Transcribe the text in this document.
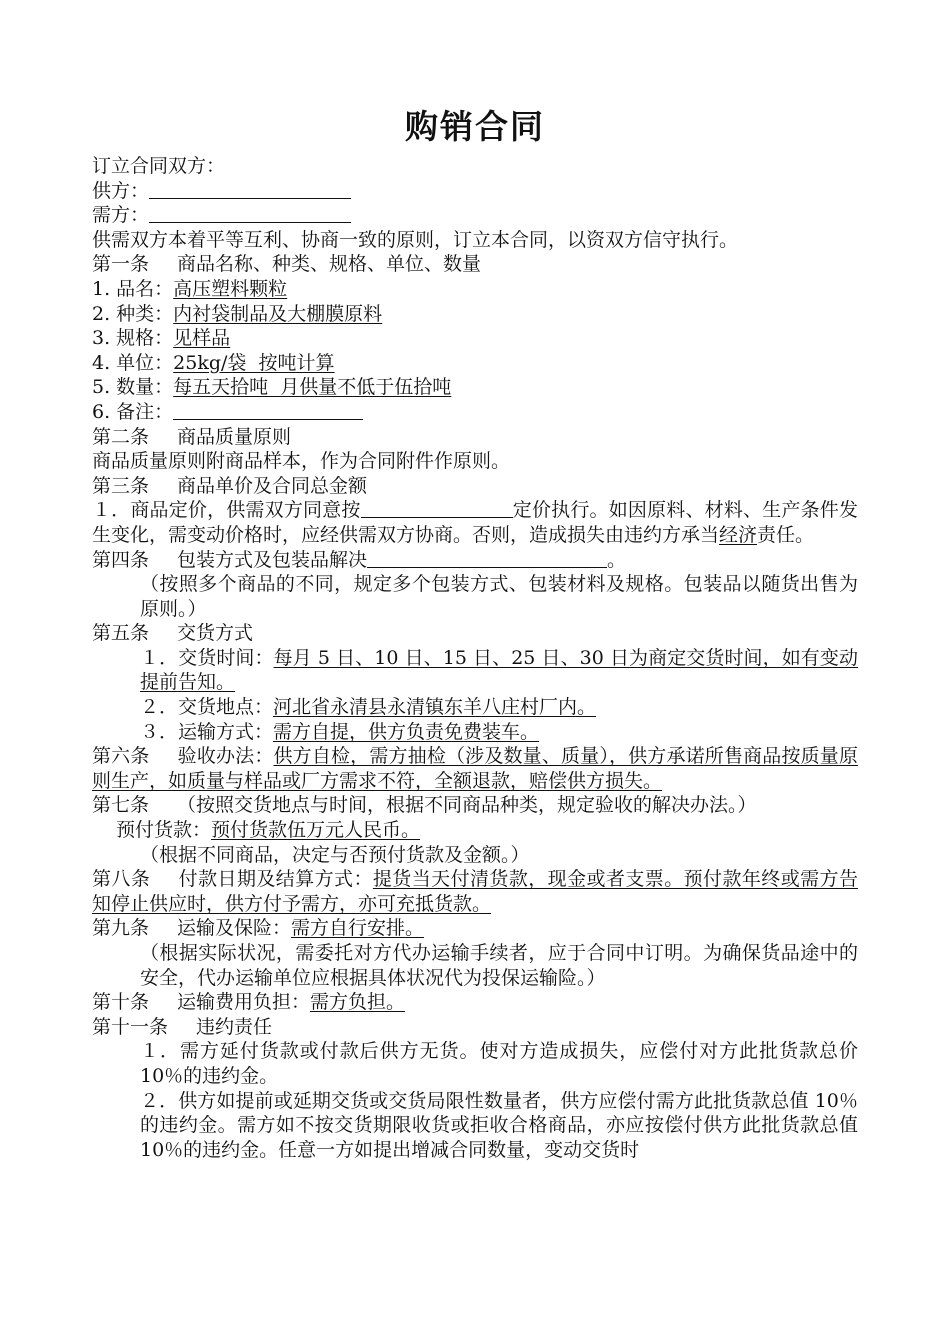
购销合同
订立合同双方：
供方：
需方：
供需双方本着平等互利、协商一致的原则，订立本合同，以资双方信守执行。
第一条 商品名称、种类、规格、单位、数量
1. 品名：高压塑料颗粒
2. 种类：内衬袋制品及大棚膜原料
3. 规格：见样品
4. 单位：25kg/袋  按吨计算
5. 数量：每五天拾吨  月供量不低于伍拾吨
6. 备注：
第二条 商品质量原则
商品质量原则附商品样本，作为合同附件作原则。
第三条 商品单价及合同总金额
１．商品定价，供需双方同意按	定价执行。如因原料、材料、生产条件发生变化，需变动价格时，应经供需双方协商。否则，造成损失由违约方承当经济责任。
第四条 包装方式及包装品解决	。
（按照多个商品的不同，规定多个包装方式、包装材料及规格。包装品以随货出售为原则。）
第五条 交货方式
１．交货时间：每月 5 日、10 日、15 日、25 日、30 日为商定交货时间，如有变动提前告知。
２．交货地点：河北省永清县永清镇东羊八庄村厂内。
３．运输方式：需方自提，供方负责免费装车。
第六条 验收办法：供方自检，需方抽检（涉及数量、质量），供方承诺所售商品按质量原则生产，如质量与样品或厂方需求不符，全额退款，赔偿供方损失。
第七条 （按照交货地点与时间，根据不同商品种类，规定验收的解决办法。）
预付货款：预付货款伍万元人民币。
（根据不同商品，决定与否预付货款及金额。）
第八条 付款日期及结算方式：提货当天付清货款，现金或者支票。预付款年终或需方告知停止供应时，供方付予需方，亦可充抵货款。
第九条 运输及保险：需方自行安排。
（根据实际状况，需委托对方代办运输手续者，应于合同中订明。为确保货品途中的安全，代办运输单位应根据具体状况代为投保运输险。）
第十条 运输费用负担：需方负担。
第十一条 违约责任
１．需方延付货款或付款后供方无货。使对方造成损失，应偿付对方此批货款总价 10％的违约金。
２．供方如提前或延期交货或交货局限性数量者，供方应偿付需方此批货款总值 10％的违约金。需方如不按交货期限收货或拒收合格商品，亦应按偿付供方此批货款总值 10％的违约金。任意一方如提出增减合同数量，变动交货时
